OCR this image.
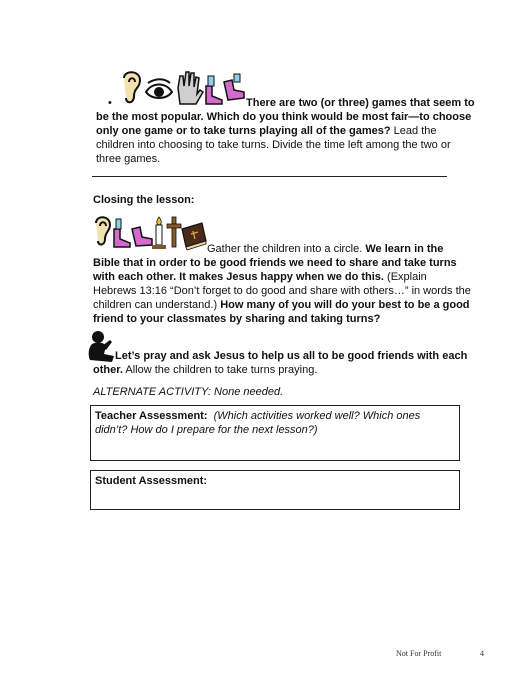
•	There are two (or three) games that seem to be the most popular. Which do you think would be most fair—to choose only one game or to take turns playing all of the games? Lead the children into choosing to take turns. Divide the time left among the two or three games.
Closing the lesson:
Gather the children into a circle. We learn in the Bible that in order to be good friends we need to share and take turns with each other. It makes Jesus happy when we do this. (Explain Hebrews 13:16 “Don’t forget to do good and share with others…” in words the children can understand.) How many of you will do your best to be a good friend to your classmates by sharing and taking turns?
Let’s pray and ask Jesus to help us all to be good friends with each other. Allow the children to take turns praying.
ALTERNATE ACTIVITY: None needed.
Teacher Assessment: (Which activities worked well? Which ones didn’t? How do I prepare for the next lesson?)
Student Assessment:
Not For Profit	4
